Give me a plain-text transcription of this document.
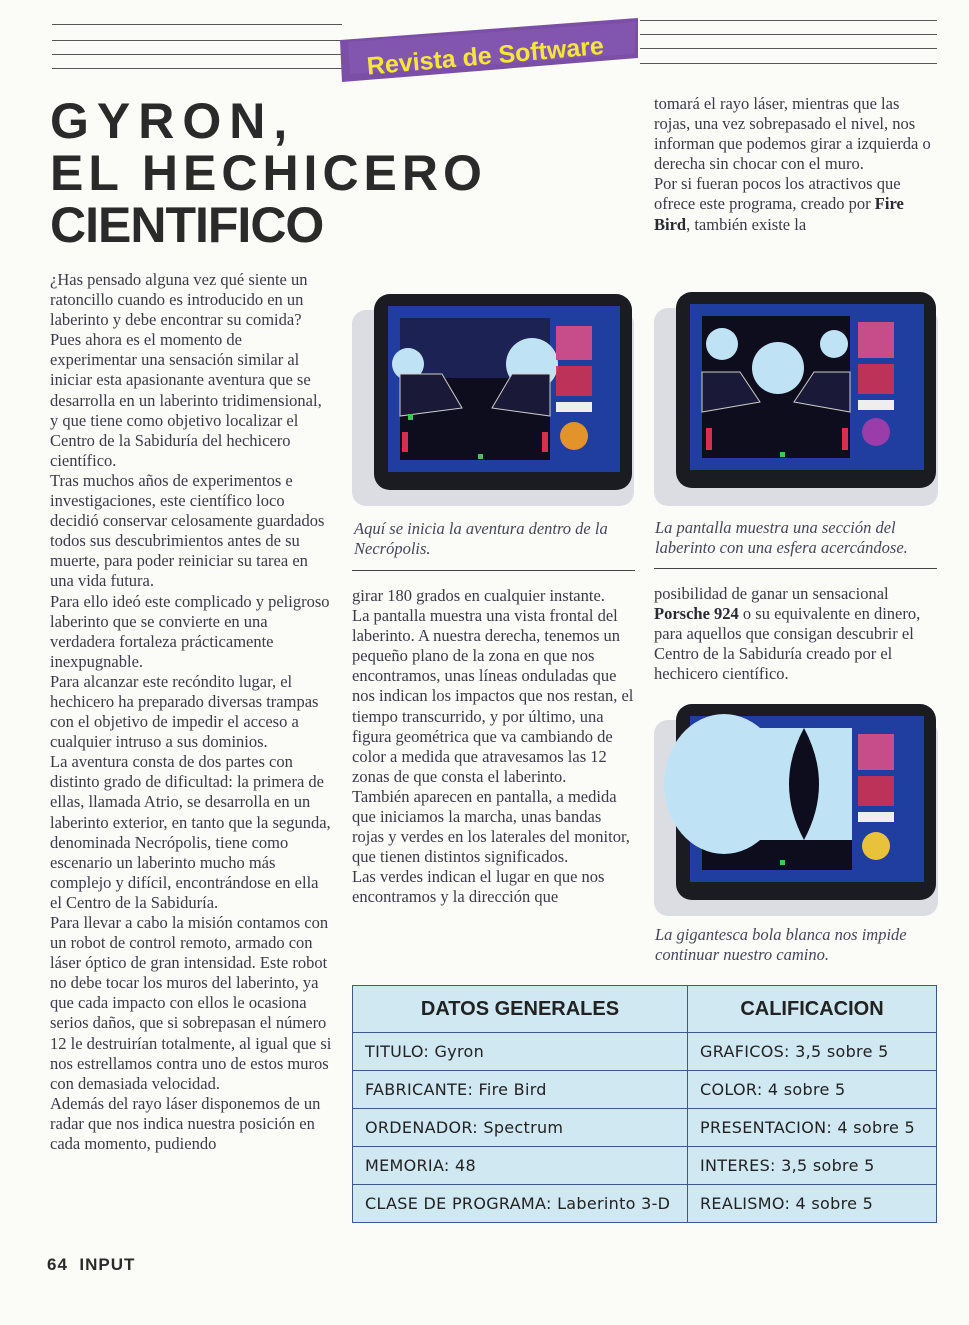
Revista de Software
GYRON,
EL HECHICERO
CIENTIFICO

¿Has pensado alguna vez qué siente un ratoncillo cuando es introducido en un laberinto y debe encontrar su comida? Pues ahora es el momento de experimentar una sensación similar al iniciar esta apasionante aventura que se desarrolla en un laberinto tridimensional, y que tiene como objetivo localizar el Centro de la Sabiduría del hechicero científico.

Tras muchos años de experimentos e investigaciones, este científico loco decidió conservar celosamente guardados todos sus descubrimientos antes de su muerte, para poder reiniciar su tarea en una vida futura.

Para ello ideó este complicado y peligroso laberinto que se convierte en una verdadera fortaleza prácticamente inexpugnable.

Para alcanzar este recóndito lugar, el hechicero ha preparado diversas trampas con el objetivo de impedir el acceso a cualquier intruso a sus dominios.

La aventura consta de dos partes con distinto grado de dificultad: la primera de ellas, llamada Atrio, se desarrolla en un laberinto exterior, en tanto que la segunda, denominada Necrópolis, tiene como escenario un laberinto mucho más complejo y difícil, encontrándose en ella el Centro de la Sabiduría.

Para llevar a cabo la misión contamos con un robot de control remoto, armado con láser óptico de gran intensidad. Este robot no debe tocar los muros del laberinto, ya que cada impacto con ellos le ocasiona serios daños, que si sobrepasan el número 12 le destruirían totalmente, al igual que si nos estrellamos contra uno de estos muros con demasiada velocidad.

Además del rayo láser disponemos de un radar que nos indica nuestra posición en cada momento, pudiendo

tomará el rayo láser, mientras que las rojas, una vez sobrepasado el nivel, nos informan que podemos girar a izquierda o derecha sin chocar con el muro.

Por si fueran pocos los atractivos que ofrece este programa, creado por Fire Bird, también existe la

Aquí se inicia la aventura dentro de la Necrópolis.
La pantalla muestra una sección del laberinto con una esfera acercándose.

girar 180 grados en cualquier instante.

La pantalla muestra una vista frontal del laberinto. A nuestra derecha, tenemos un pequeño plano de la zona en que nos encontramos, unas líneas onduladas que nos indican los impactos que nos restan, el tiempo transcurrido, y por último, una figura geométrica que va cambiando de color a medida que atravesamos las 12 zonas de que consta el laberinto.

También aparecen en pantalla, a medida que iniciamos la marcha, unas bandas rojas y verdes en los laterales del monitor, que tienen distintos significados.

Las verdes indican el lugar en que nos encontramos y la dirección que

posibilidad de ganar un sensacional Porsche 924 o su equivalente en dinero, para aquellos que consigan descubrir el Centro de la Sabiduría creado por el hechicero científico.

La gigantesca bola blanca nos impide continuar nuestro camino.
DATOS GENERALES	CALIFICACION
TITULO: Gyron	GRAFICOS: 3,5 sobre 5
FABRICANTE: Fire Bird	COLOR: 4 sobre 5
ORDENADOR: Spectrum	PRESENTACION: 4 sobre 5
MEMORIA: 48	INTERES: 3,5 sobre 5
CLASE DE PROGRAMA: Laberinto 3-D	REALISMO: 4 sobre 5
64 INPUT
